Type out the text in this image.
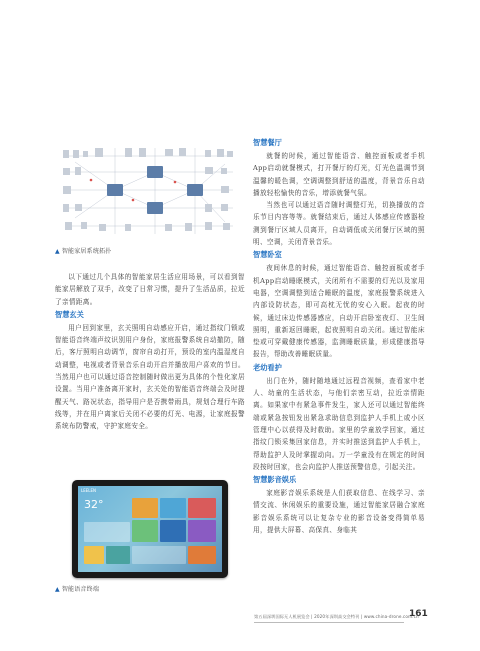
▲ 智能家居系统拓扑
以下通过几个具体的智能家居生活应用场景，可以看到智能家居解放了双手，改变了日常习惯，提升了生活品质，拉近了亲情距离。
智慧玄关
用户回到家里，玄关照明自动感应开启，通过指纹门锁或智能语音终端声纹识别用户身份，家庭报警系统自动撤防，随后，客厅照明自动调节，窗帘自动打开，预设的室内温湿度自动调整，电视或者背景音乐自动开启并播放用户喜欢的节目。当然用户也可以通过语音控制随时做出更为具体的个性化家居设置。当用户准备离开家时，玄关处的智能语音终端会及时提醒天气、路况状态，指导用户是否携带雨具，规划合理行车路线等，并在用户离家后关闭不必要的灯光、电源，让家庭报警系统布防警戒，守护家庭安全。
LEELEN
32°
▲ 智能语音终端
智慧餐厅
就餐的时候，通过智能语音、触控面板或者手机App启动就餐模式，打开餐厅的灯光，灯光色温调节到温馨的暖色调，空调调整到舒适的温度，背景音乐自动播放轻松愉快的音乐，增添就餐气氛。
当然也可以通过语音随时调整灯光，切换播放的音乐节目内容等等。就餐结束后，通过人体感应传感器检测到餐厅区域人员离开，自动调低或关闭餐厅区域的照明、空调，关闭背景音乐。
智慧卧室
夜间休息的时候，通过智能语音、触控面板或者手机App启动睡眠模式，关闭所有不需要的灯光以及家用电器，空调调整到适合睡眠的温度，家庭报警系统进入内部设防状态，即可高枕无忧的安心入眠。起夜的时候，通过床边传感器感应，自动开启卧室夜灯、卫生间照明，重新返回睡眠，起夜照明自动关闭。通过智能床垫或可穿戴健康传感器，监测睡眠质量，形成健康指导报告，帮助改善睡眠质量。
老幼看护
出门在外，随时随地通过远程音视频，查看家中老人、幼童的生活状态，与他们亲密互动，拉近亲情距离。如果家中有紧急事件发生，家人还可以通过智能终端或紧急按钮发出紧急求助信息到监护人手机上或小区管理中心以获得及时救助。家里的学童放学回家，通过指纹门锁采集回家信息，并实时推送到监护人手机上，帮助监护人及时掌握动向。万一学童没有在规定的时间段按时回家，也会向监护人推送预警信息，引起关注。
智慧影音娱乐
家庭影音娱乐系统是人们获取信息、在线学习、亲情交流、休闲娱乐的重要设施，通过智能家居融合家庭影音娱乐系统可以让复杂专业的影音设备变得简单易用，提供大屏幕、高保真、身临其
第五届深圳国际无人机展览会 | 2020年深圳高交会特刊 | www.china-drone.com.cn
161
